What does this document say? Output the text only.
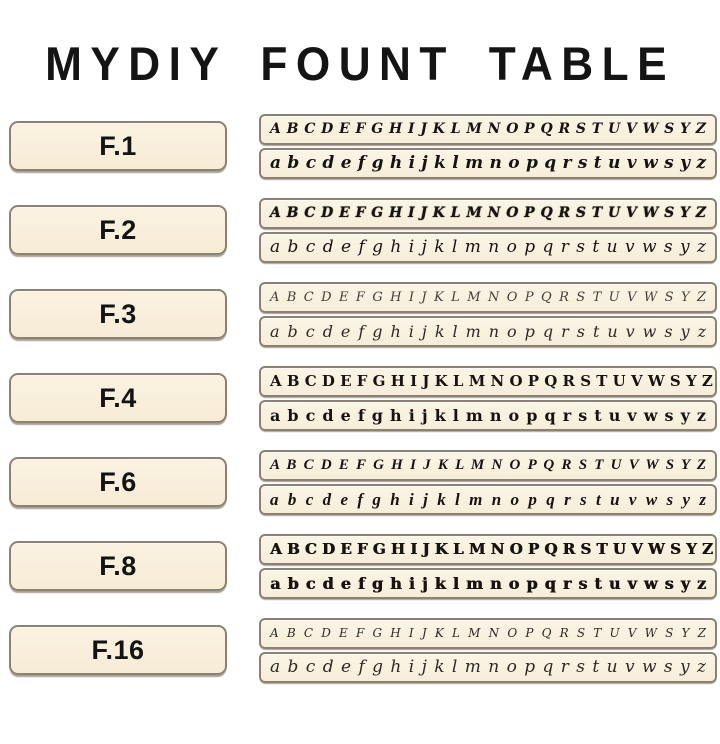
MYDIY FOUNT TABLE
F.1
A B C D E F G H I J K L M N O P Q R S T U V W S Y Z
a b c d e f g h i j k l m n o p q r s t u v w s y z
F.2
A B C D E F G H I J K L M N O P Q R S T U V W S Y Z
a b c d e f g h i j k l m n o p q r s t u v w s y z
F.3
A B C D E F G H I J K L M N O P Q R S T U V W S Y Z
a b c d e f g h i j k l m n o p q r s t u v w s y z
F.4
A B C D E F G H I J K L M N O P Q R S T U V W S Y Z
a b c d e f g h i j k l m n o p q r s t u v w s y z
F.6
A B C D E F G H I J K L M N O P Q R S T U V W S Y Z
a b c d e f g h i j k l m n o p q r s t u v w s y z
F.8
A B C D E F G H I J K L M N O P Q R S T U V W S Y Z
a b c d e f g h i j k l m n o p q r s t u v w s y z
F.16
A B C D E F G H I J K L M N O P Q R S T U V W S Y Z
a b c d e f g h i j k l m n o p q r s t u v w s y z
